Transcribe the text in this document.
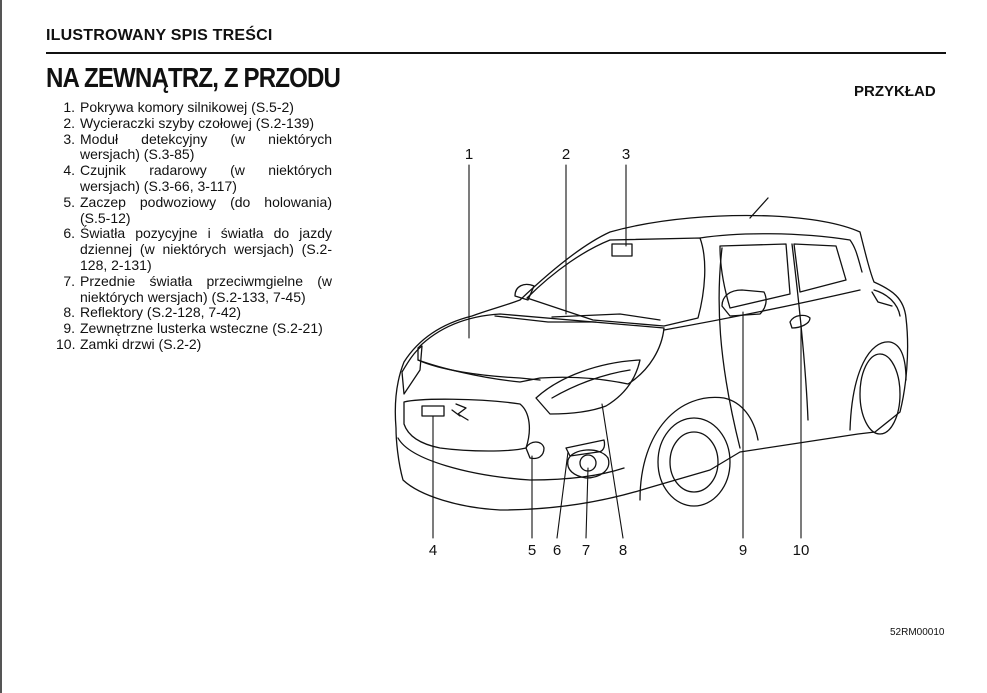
ILUSTROWANY SPIS TREŚCI
NA ZEWNĄTRZ, Z PRZODU	PRZYKŁAD
1. Pokrywa komory silnikowej (S.5-2)
2. Wycieraczki szyby czołowej (S.2-139)
3. Moduł detekcyjny (w niektórych wersjach) (S.3-85)
4. Czujnik radarowy (w niektórych wersjach) (S.3-66, 3-117)
5. Zaczep podwoziowy (do holowania) (S.5-12)
6. Światła pozycyjne i światła do jazdy dziennej (w niektórych wersjach) (S.2-128, 2-131)
7. Przednie światła przeciwmgielne (w niektórych wersjach) (S.2-133, 7-45)
8. Reflektory (S.2-128, 7-42)
9. Zewnętrzne lusterka wsteczne (S.2-21)
10. Zamki drzwi (S.2-2)
1	2	3
4	5 6 7 8	9	10
52RM00010
